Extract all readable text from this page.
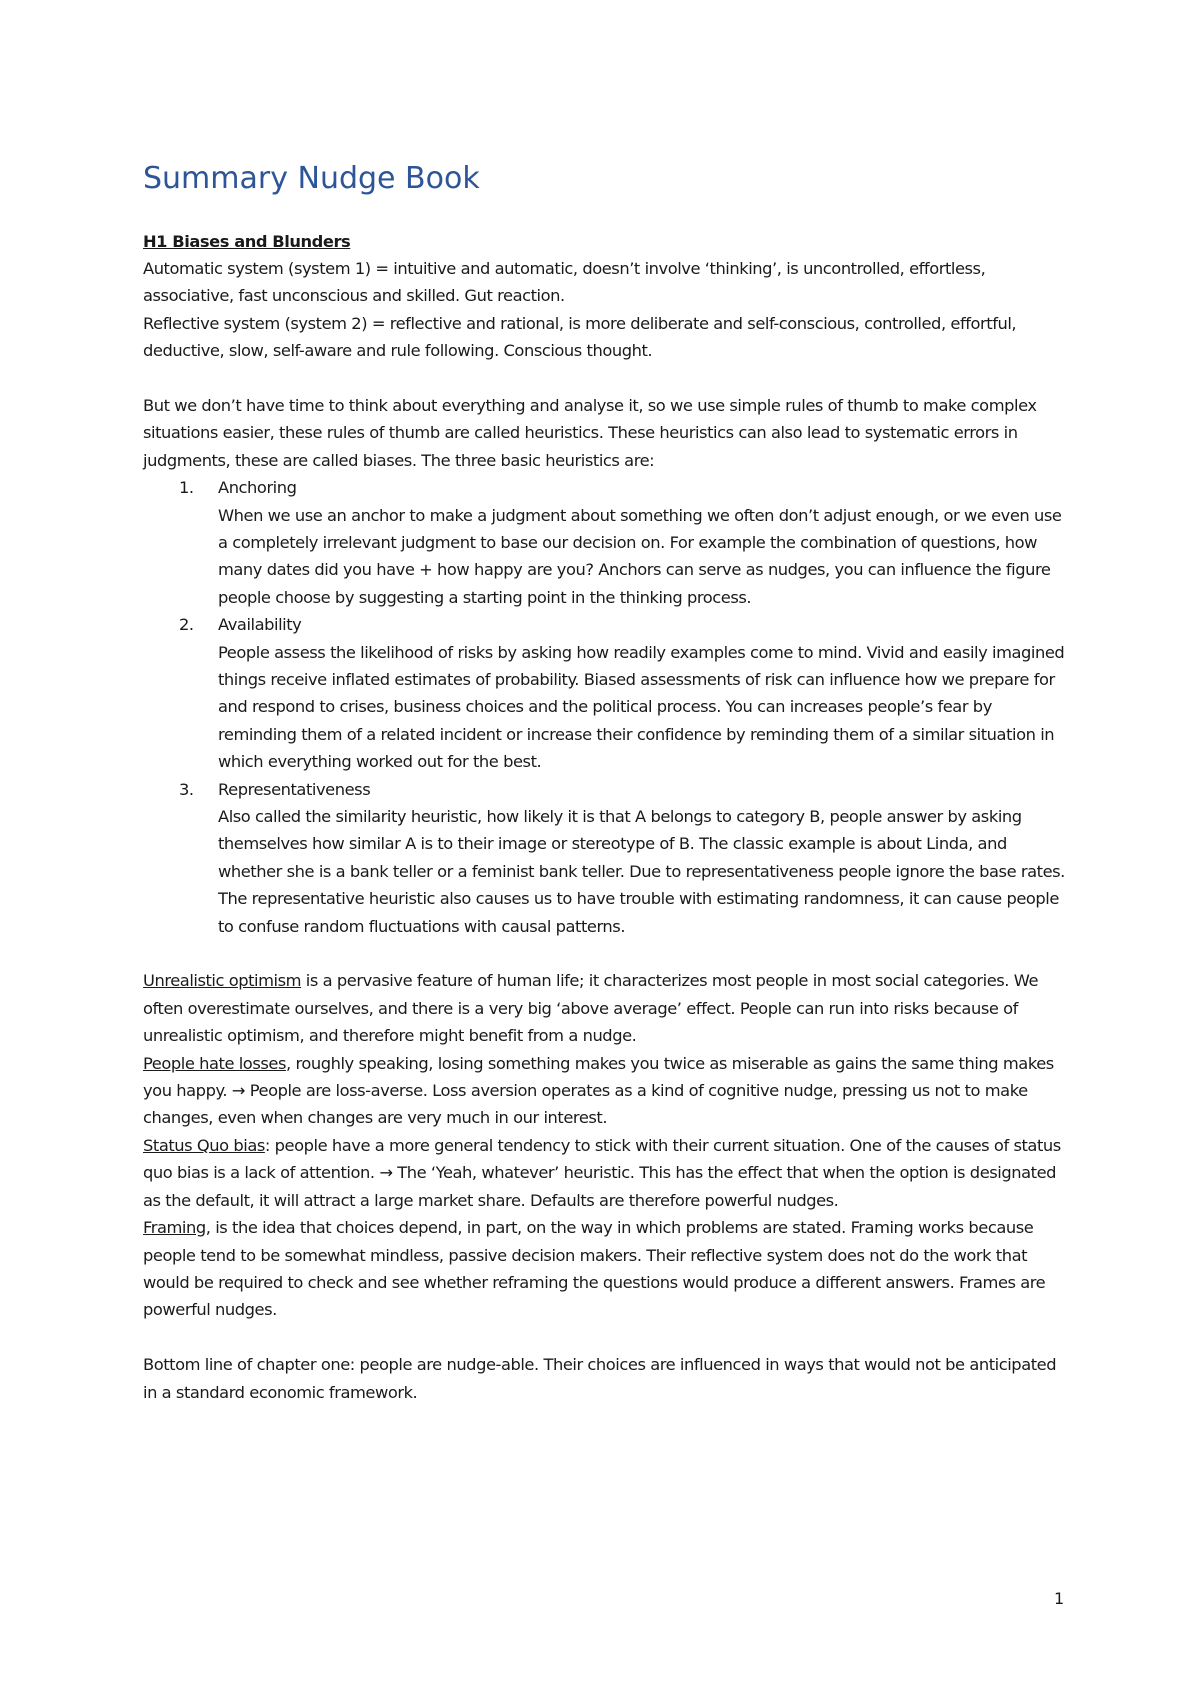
Summary Nudge Book
H1 Biases and Blunders
Automatic system (system 1) = intuitive and automatic, doesn’t involve ‘thinking’, is uncontrolled, effortless, associative, fast unconscious and skilled. Gut reaction.
Reflective system (system 2) = reflective and rational, is more deliberate and self-conscious, controlled, effortful, deductive, slow, self-aware and rule following. Conscious thought.
But we don’t have time to think about everything and analyse it, so we use simple rules of thumb to make complex situations easier, these rules of thumb are called heuristics. These heuristics can also lead to systematic errors in judgments, these are called biases. The three basic heuristics are:
1. Anchoring
When we use an anchor to make a judgment about something we often don’t adjust enough, or we even use a completely irrelevant judgment to base our decision on. For example the combination of questions, how many dates did you have + how happy are you? Anchors can serve as nudges, you can influence the figure people choose by suggesting a starting point in the thinking process.
2. Availability
People assess the likelihood of risks by asking how readily examples come to mind. Vivid and easily imagined things receive inflated estimates of probability. Biased assessments of risk can influence how we prepare for and respond to crises, business choices and the political process. You can increases people’s fear by reminding them of a related incident or increase their confidence by reminding them of a similar situation in which everything worked out for the best.
3. Representativeness
Also called the similarity heuristic, how likely it is that A belongs to category B, people answer by asking themselves how similar A is to their image or stereotype of B. The classic example is about Linda, and whether she is a bank teller or a feminist bank teller. Due to representativeness people ignore the base rates. The representative heuristic also causes us to have trouble with estimating randomness, it can cause people to confuse random fluctuations with causal patterns.
Unrealistic optimism is a pervasive feature of human life; it characterizes most people in most social categories. We often overestimate ourselves, and there is a very big ‘above average’ effect. People can run into risks because of unrealistic optimism, and therefore might benefit from a nudge.
People hate losses, roughly speaking, losing something makes you twice as miserable as gains the same thing makes you happy. → People are loss-averse. Loss aversion operates as a kind of cognitive nudge, pressing us not to make changes, even when changes are very much in our interest.
Status Quo bias: people have a more general tendency to stick with their current situation. One of the causes of status quo bias is a lack of attention. → The ‘Yeah, whatever’ heuristic. This has the effect that when the option is designated as the default, it will attract a large market share. Defaults are therefore powerful nudges.
Framing, is the idea that choices depend, in part, on the way in which problems are stated. Framing works because people tend to be somewhat mindless, passive decision makers. Their reflective system does not do the work that would be required to check and see whether reframing the questions would produce a different answers. Frames are powerful nudges.
Bottom line of chapter one: people are nudge-able. Their choices are influenced in ways that would not be anticipated in a standard economic framework.
1
